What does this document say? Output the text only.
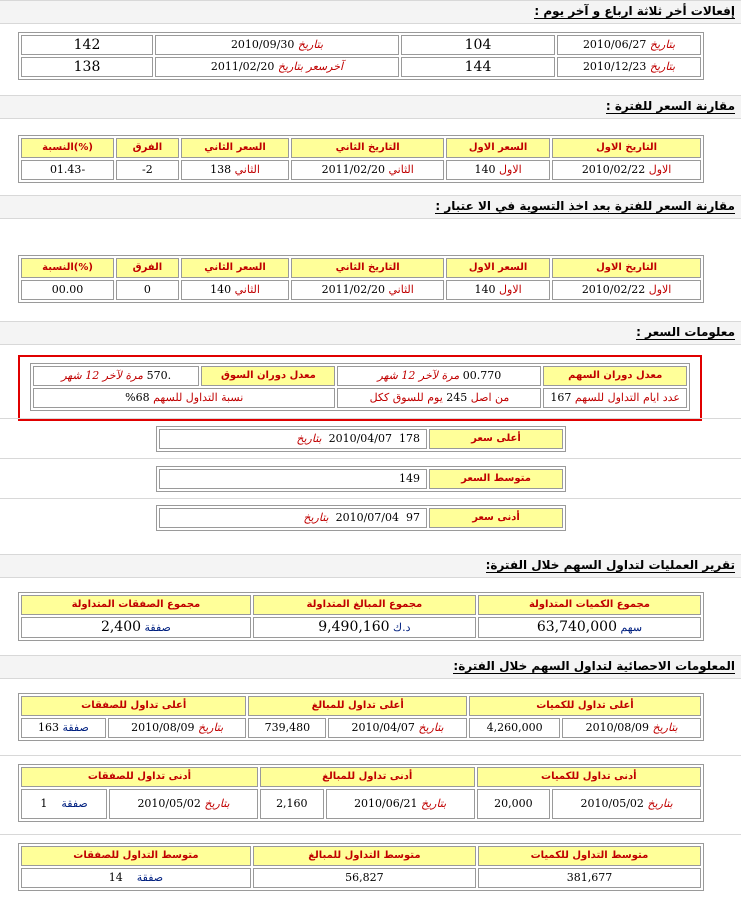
إفعالات أخر ثلاثة ارباع و آخر يوم :
بتاريخ 2010/06/27	104	بتاريخ 2010/09/30	142
بتاريخ 2010/12/23	144	آخرسعر بتاريخ 2011/02/20	138
مقارنة السعر للفترة :
التاريخ الاول	السعر الاول	التاريخ الثاني	السعر الثاني	الفرق	(%)النسبة
الاول 2010/02/22	الاول 140	الثاني 2011/02/20	الثاني 138	2-	-01.43
مقارنة السعر للفترة بعد اخذ التسوية في الا عتبار :
التاريخ الاول	السعر الاول	التاريخ الثاني	السعر الثاني	الفرق	(%)النسبة
الاول 2010/02/22	الاول 140	الثاني 2011/02/20	الثاني 140	0	00.00
معلومات السعر :
معدل دوران السهم	00.770 مرة لآخر 12 شهر	معدل دوران السوق	.570 مرة لآخر 12 شهر
عدد ايام التداول للسهم 167	من اصل 245 يوم للسوق ككل	نسبة التداول للسهم 68%	
أعلى سعر	178  2010/04/07  بتاريخ
متوسط السعر	149
أدنى سعر	97  2010/07/04  بتاريخ
تقرير العمليات لتداول السهم خلال الفترة:
مجموع الكميات المتداولة	مجموع المبالغ المتداولة	مجموع الصفقات المتداولة
سهم 63,740,000	د.ك 9,490,160	صفقة 2,400
المعلومات الاحصائية لتداول السهم خلال الفترة:
أعلى تداول للكميات		أعلى تداول للمبالغ		أعلى تداول للصفقات	
بتاريخ 2010/08/09	4,260,000	بتاريخ 2010/04/07	739,480	بتاريخ 2010/08/09	صفقة 163
أدنى تداول للكميات		أدنى تداول للمبالغ		أدنى تداول للصفقات	
بتاريخ 2010/05/02	20,000	بتاريخ 2010/06/21	2,160	بتاريخ 2010/05/02	صفقة    1
متوسط التداول للكميات	متوسط التداول للمبالغ	متوسط التداول للصفقات
381,677	56,827	صفقة    14
